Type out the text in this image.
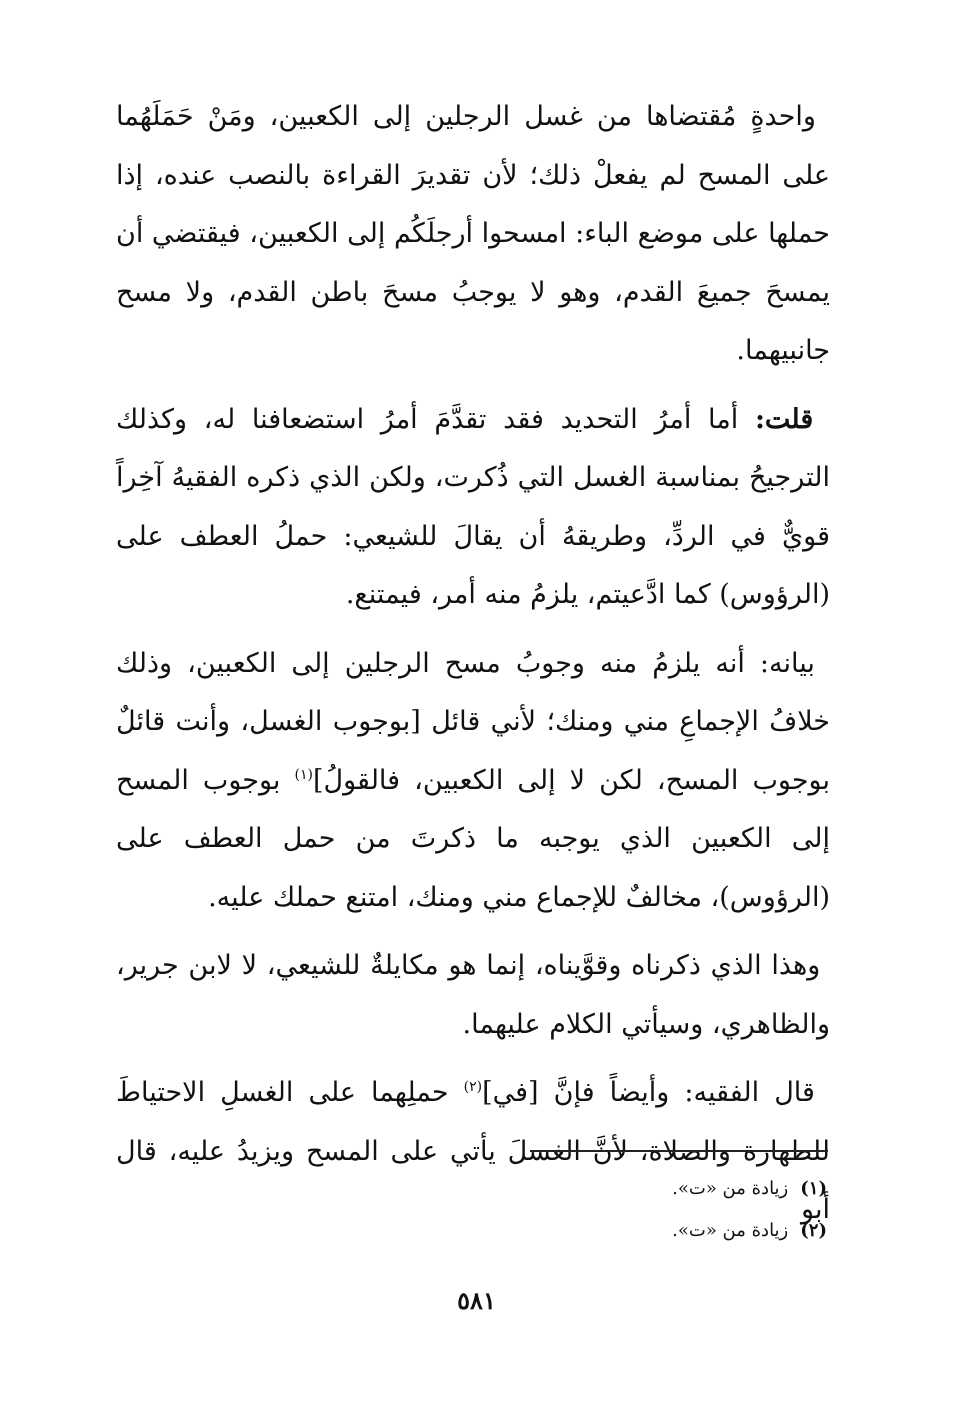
واحدةٍ مُقتضاها من غسل الرجلين إلى الكعبين، ومَنْ حَمَلَهُما على المسح لم يفعلْ ذلك؛ لأن تقديرَ القراءة بالنصب عنده، إذا حملها على موضع الباء: امسحوا أرجلَكُم إلى الكعبين، فيقتضي أن يمسحَ جميعَ القدم، وهو لا يوجبُ مسحَ باطن القدم، ولا مسح جانبيهما.

قلت: أما أمرُ التحديد فقد تقدَّمَ أمرُ استضعافنا له، وكذلك الترجيحُ بمناسبة الغسل التي ذُكرت، ولكن الذي ذكره الفقيهُ آخِراً قويٌّ في الردِّ، وطريقهُ أن يقالَ للشيعي: حملُ العطف على (الرؤوس) كما ادَّعيتم، يلزمُ منه أمر، فيمتنع.

بيانه: أنه يلزمُ منه وجوبُ مسح الرجلين إلى الكعبين، وذلك خلافُ الإجماعِ مني ومنك؛ لأني قائل [بوجوب الغسل، وأنت قائلٌ بوجوب المسح، لكن لا إلى الكعبين، فالقولُ]$^{(١)}$ بوجوب المسح إلى الكعبين الذي يوجبه ما ذكرتَ من حمل العطف على (الرؤوس)، مخالفٌ للإجماع مني ومنك، امتنع حملك عليه.

وهذا الذي ذكرناه وقوَّيناه، إنما هو مكايلةٌ للشيعي، لا لابن جرير، والظاهري، وسيأتي الكلام عليهما.

قال الفقيه: وأيضاً فإنَّ [في]$^{(٢)}$ حملِهما على الغسلِ الاحتياطَ للطهارة والصلاة، لأنَّ الغسلَ يأتي على المسح ويزيدُ عليه، قال أبو

(١)
زيادة من «ت».

(٢)
زيادة من «ت».

٥٨١
